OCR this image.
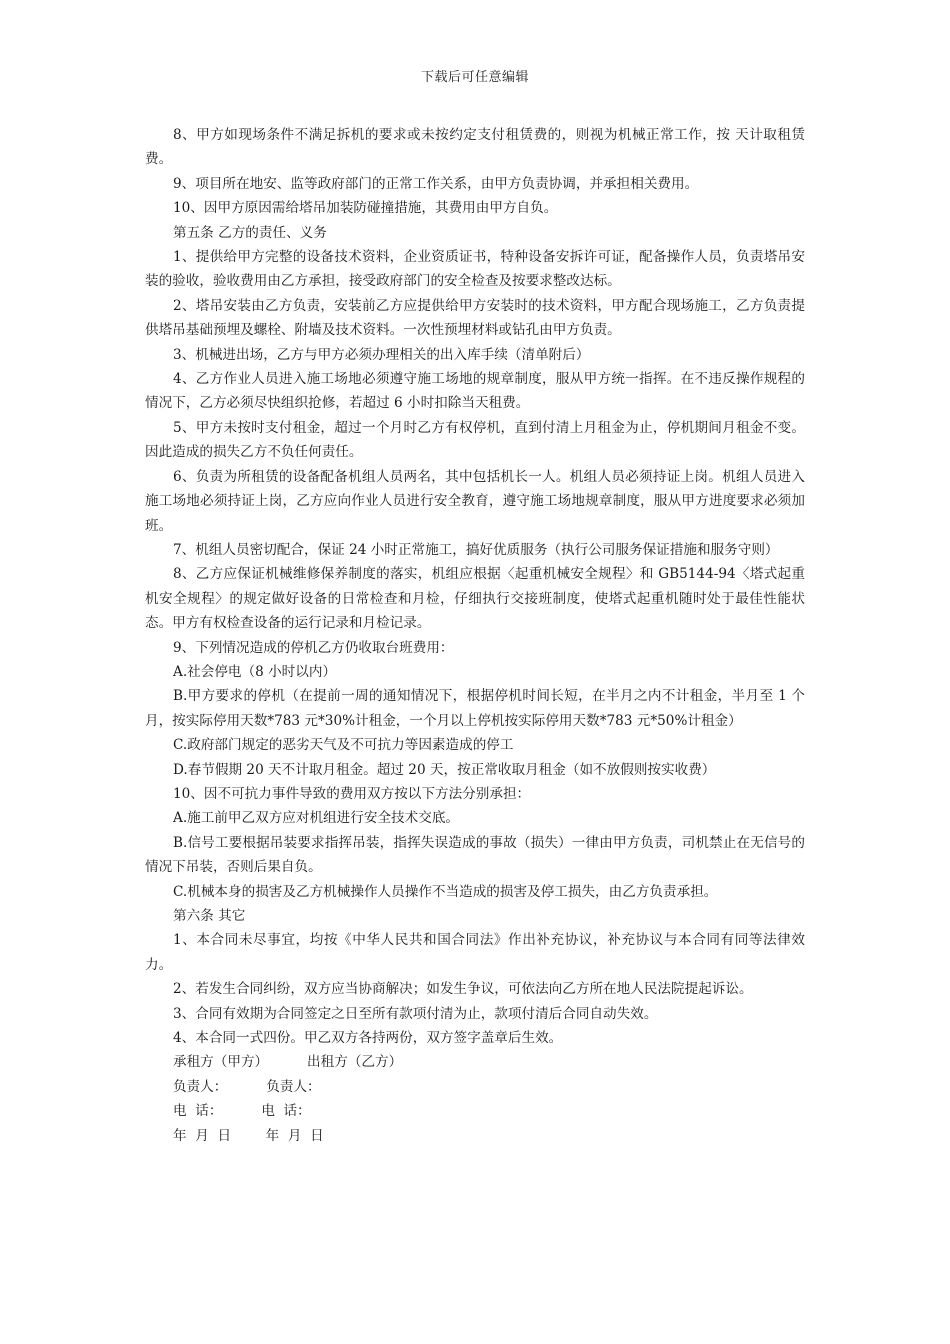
下载后可任意编辑

8、甲方如现场条件不满足拆机的要求或未按约定支付租赁费的，则视为机械正常工作，按 天计取租赁费。

9、项目所在地安、监等政府部门的正常工作关系，由甲方负责协调，并承担相关费用。

10、因甲方原因需给塔吊加装防碰撞措施，其费用由甲方自负。

第五条 乙方的责任、义务

1、提供给甲方完整的设备技术资料，企业资质证书，特种设备安拆许可证，配备操作人员，负责塔吊安装的验收，验收费用由乙方承担，接受政府部门的安全检查及按要求整改达标。

2、塔吊安装由乙方负责，安装前乙方应提供给甲方安装时的技术资料，甲方配合现场施工，乙方负责提供塔吊基础预埋及螺栓、附墙及技术资料。一次性预埋材料或钻孔由甲方负责。

3、机械进出场，乙方与甲方必须办理相关的出入库手续（清单附后）

4、乙方作业人员进入施工场地必须遵守施工场地的规章制度，服从甲方统一指挥。在不违反操作规程的情况下，乙方必须尽快组织抢修，若超过 6 小时扣除当天租费。

5、甲方未按时支付租金，超过一个月时乙方有权停机，直到付清上月租金为止，停机期间月租金不变。因此造成的损失乙方不负任何责任。

6、负责为所租赁的设备配备机组人员两名，其中包括机长一人。机组人员必须持证上岗。机组人员进入施工场地必须持证上岗，乙方应向作业人员进行安全教育，遵守施工场地规章制度，服从甲方进度要求必须加班。

7、机组人员密切配合，保证 24 小时正常施工，搞好优质服务（执行公司服务保证措施和服务守则）

8、乙方应保证机械维修保养制度的落实，机组应根据〈起重机械安全规程〉和 GB5144-94〈塔式起重机安全规程〉的规定做好设备的日常检查和月检，仔细执行交接班制度，使塔式起重机随时处于最佳性能状态。甲方有权检查设备的运行记录和月检记录。

9、下列情况造成的停机乙方仍收取台班费用：

A.社会停电（8 小时以内）

B.甲方要求的停机（在提前一周的通知情况下，根据停机时间长短，在半月之内不计租金，半月至 1 个月，按实际停用天数*783 元*30%计租金，一个月以上停机按实际停用天数*783 元*50%计租金）

C.政府部门规定的恶劣天气及不可抗力等因素造成的停工

D.春节假期 20 天不计取月租金。超过 20 天，按正常收取月租金（如不放假则按实收费）

10、因不可抗力事件导致的费用双方按以下方法分别承担：

A.施工前甲乙双方应对机组进行安全技术交底。

B.信号工要根据吊装要求指挥吊装，指挥失误造成的事故（损失）一律由甲方负责，司机禁止在无信号的情况下吊装，否则后果自负。

C.机械本身的损害及乙方机械操作人员操作不当造成的损害及停工损失，由乙方负责承担。

第六条 其它

1、本合同未尽事宜，均按《中华人民共和国合同法》作出补充协议，补充协议与本合同有同等法律效力。

2、若发生合同纠纷，双方应当协商解决；如发生争议，可依法向乙方所在地人民法院提起诉讼。

3、合同有效期为合同签定之日至所有款项付清为止，款项付清后合同自动失效。

4、本合同一式四份。甲乙双方各持两份，双方签字盖章后生效。

承租方（甲方）         出租方（乙方）

负责人：         负责人：

电  话：         电  话：

年  月  日        年  月  日
